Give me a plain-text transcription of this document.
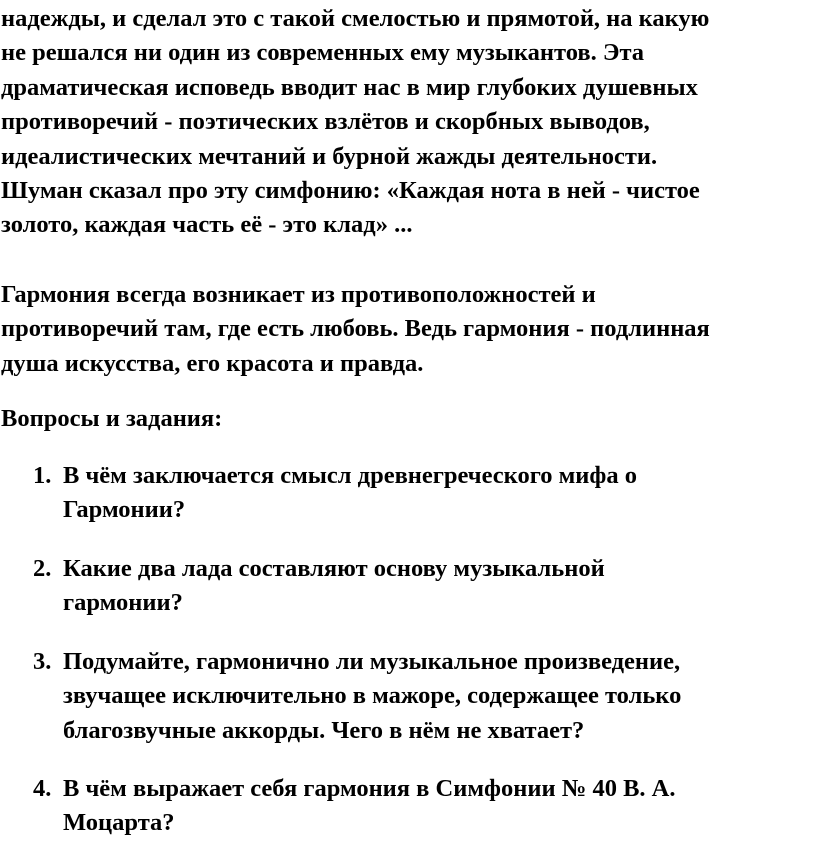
надежды, и сделал это с такой смелостью и прямотой, на какую
не решался ни один из современных ему музыкантов. Эта
драматическая исповедь вводит нас в мир глубоких душевных
противоречий - поэтических взлётов и скорбных выводов,
идеалистических мечтаний и бурной жажды деятельности.
Шуман сказал про эту симфонию: «Каждая нота в ней - чистое
золото, каждая часть её - это клад» ...
Гармония всегда возникает из противоположностей и
противоречий там, где есть любовь. Ведь гармония - подлинная
душа искусства, его красота и правда.
Вопросы и задания:
1. В чём заключается смысл древнегреческого мифа о
Гармонии?
2. Какие два лада составляют основу музыкальной
гармонии?
3. Подумайте, гармонично ли музыкальное произведение,
звучащее исключительно в мажоре, содержащее только
благозвучные аккорды. Чего в нём не хватает?
4. В чём выражает себя гармония в Симфонии № 40 В. А.
Моцарта?
